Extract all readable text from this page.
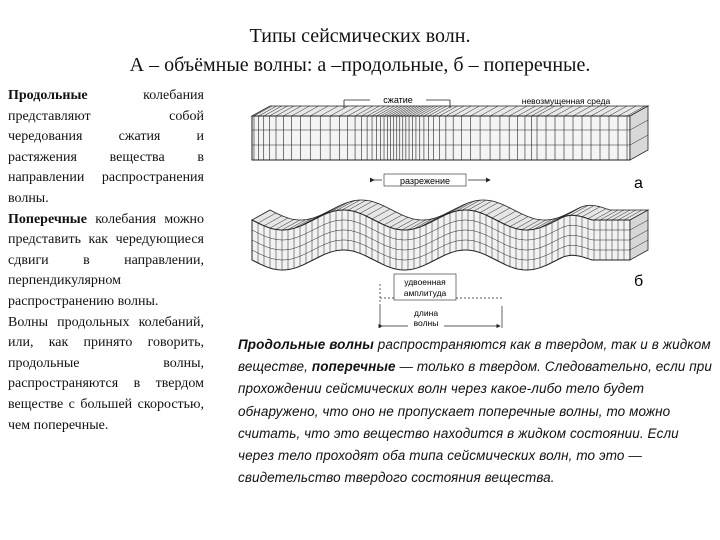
Типы сейсмических волн.
А – объёмные волны: а –продольные, б – поперечные.
Продольные колебания представляют собой чередования сжатия и растяжения вещества в направлении распространения волны.
Поперечные колебания можно представить как чередующиеся сдвиги в направлении, перпендикулярном распространению волны.
Волны продольных колебаний, или, как принято говорить, продольные волны, распространяются в твердом веществе с большей скоростью, чем поперечные.
сжатие	невозмущенная среда
разрежение	а
б
удвоенная
амплитуда
длина
волны
Продольные волны распространяются как в твердом, так и в жидком веществе, поперечные — только в твердом. Следовательно, если при прохождении сейсмических волн через какое-либо тело будет обнаружено, что оно не пропускает поперечные волны, то можно считать, что это вещество находится в жидком состоянии. Если через тело проходят оба типа сейсмических волн, то это — свидетельство твердого состояния вещества.
